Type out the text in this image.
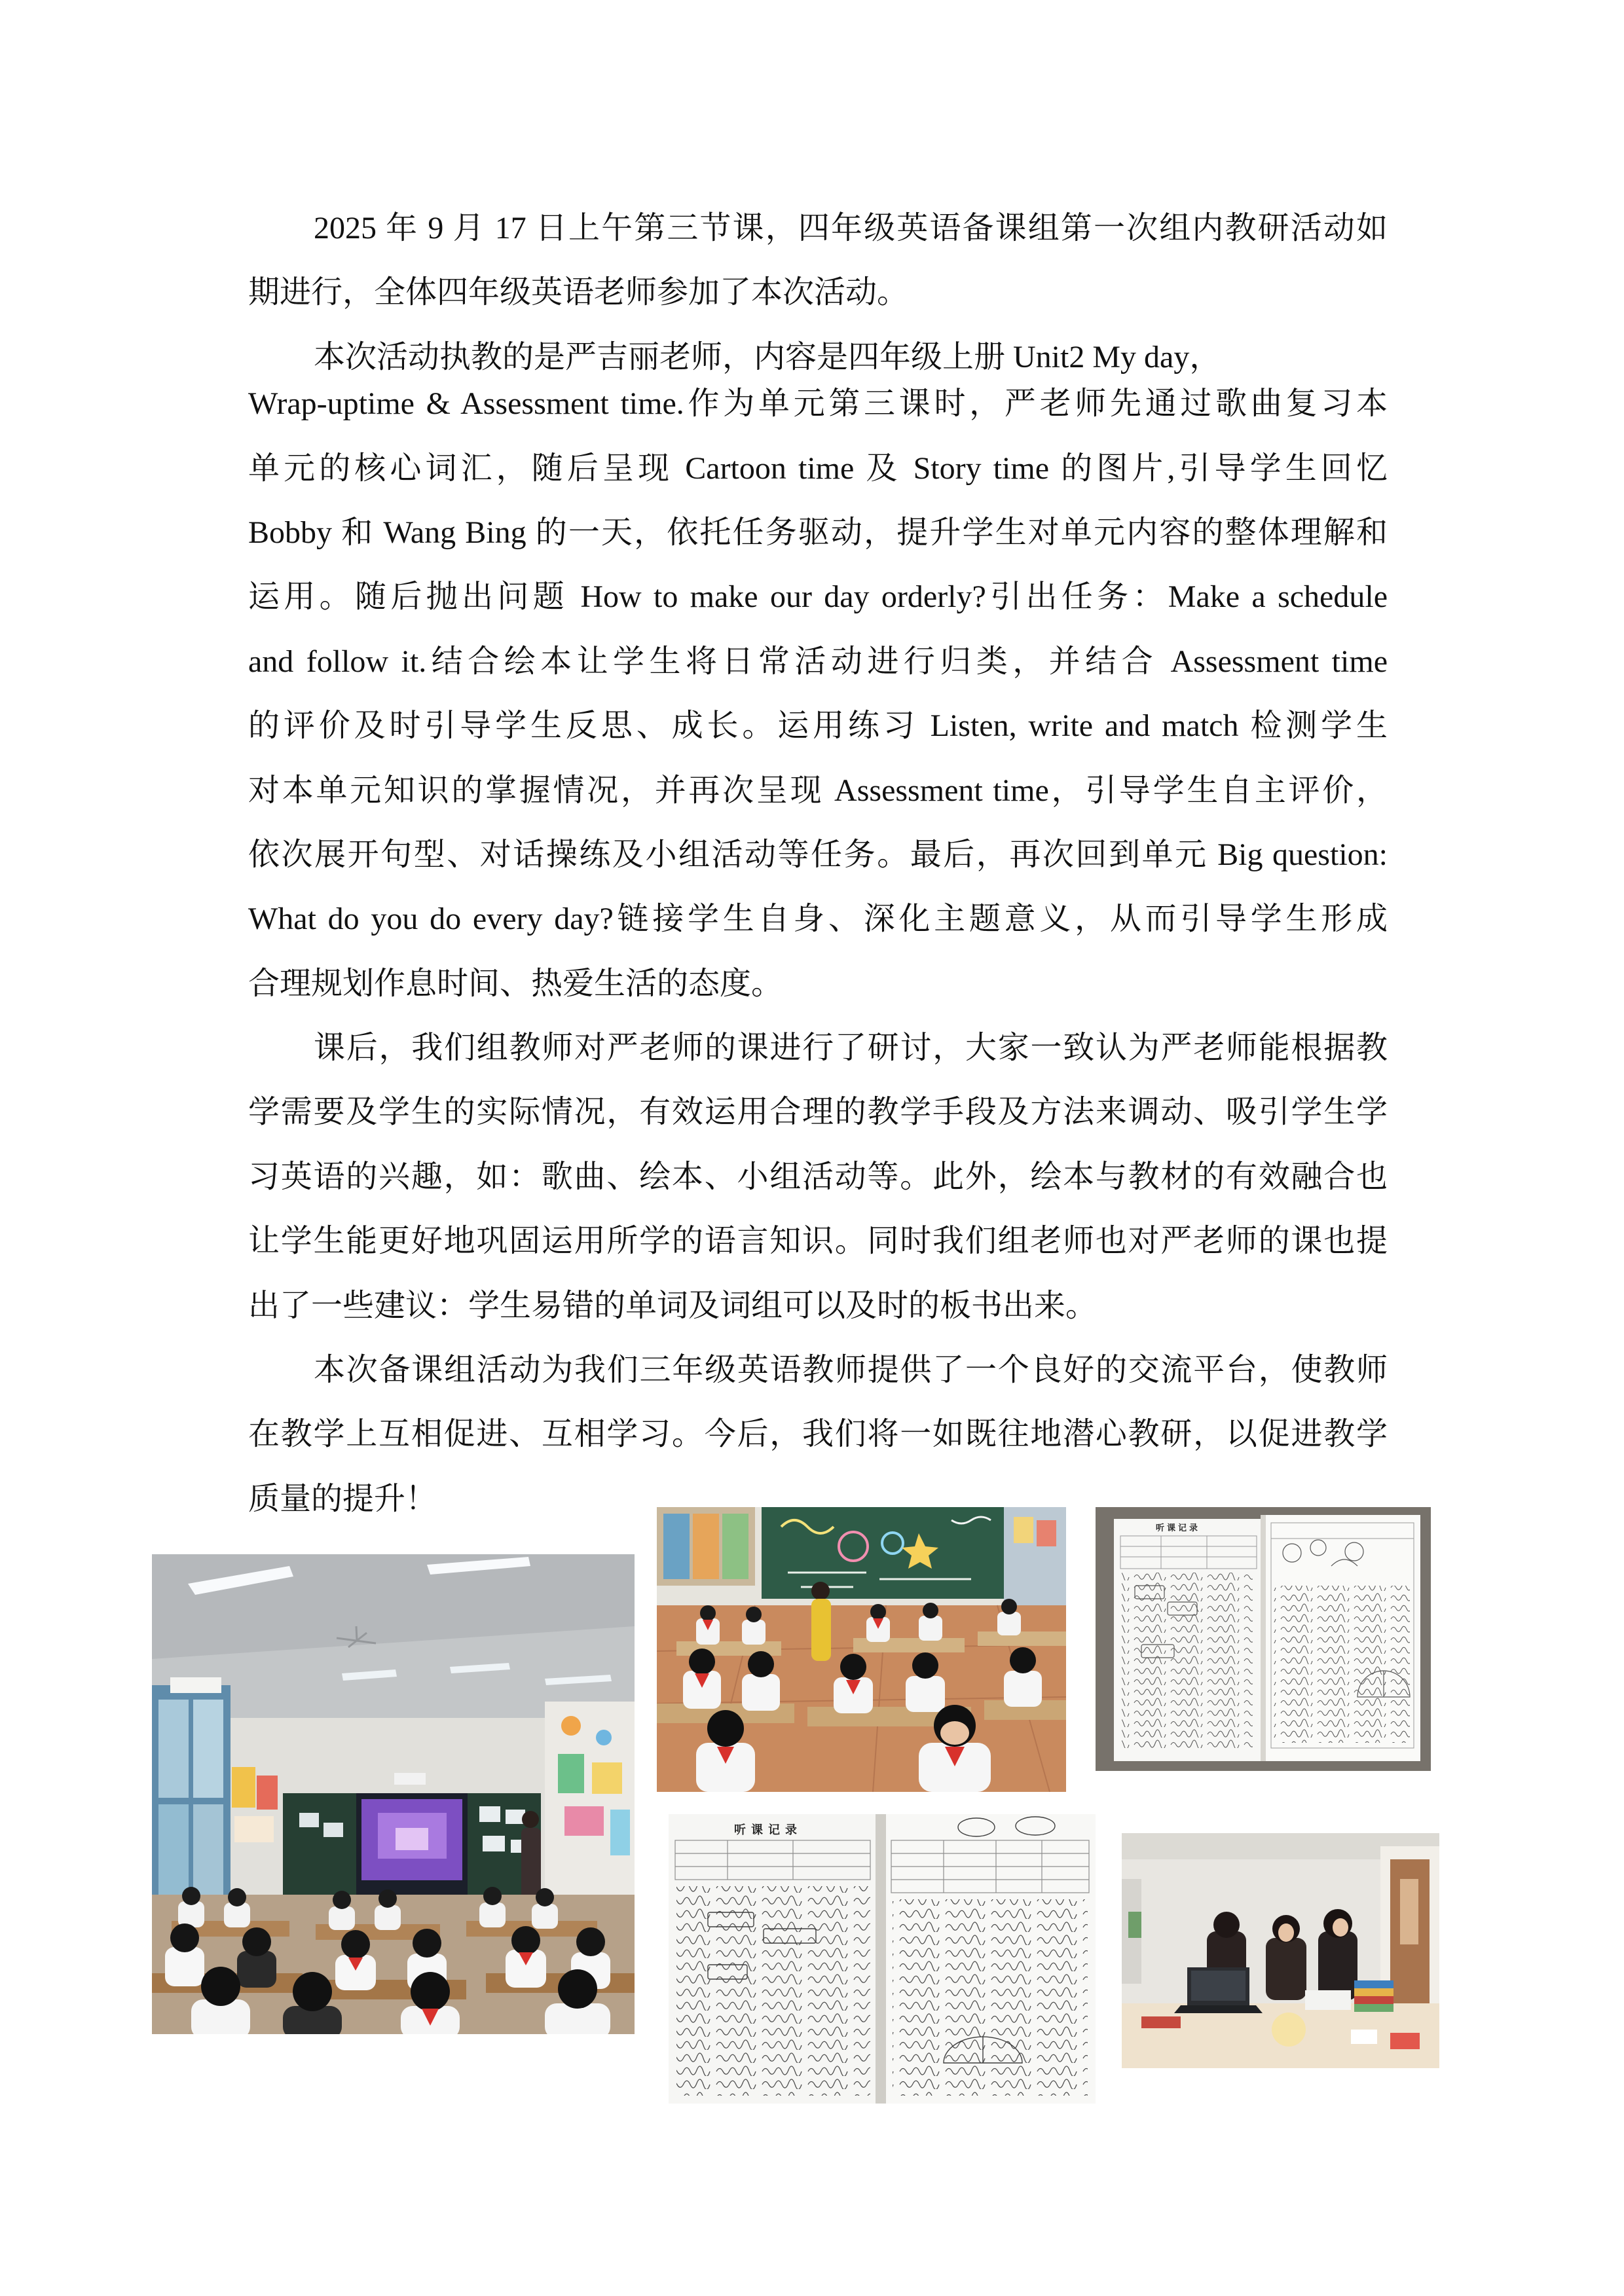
2025 年 9 月 17 日上午第三节课，四年级英语备课组第一次组内教研活动如
期进行，全体四年级英语老师参加了本次活动。
本次活动执教的是严吉丽老师，内容是四年级上册 Unit2 My day，
Wrap-uptime & Assessment time.作为单元第三课时，严老师先通过歌曲复习本
单元的核心词汇，随后呈现 Cartoon time 及 Story time 的图片,引导学生回忆
Bobby 和 Wang Bing 的一天，依托任务驱动，提升学生对单元内容的整体理解和
运用。随后抛出问题 How to make our day orderly?引出任务：Make a schedule
and follow it.结合绘本让学生将日常活动进行归类，并结合 Assessment time
的评价及时引导学生反思、成长。运用练习 Listen, write and match 检测学生
对本单元知识的掌握情况，并再次呈现 Assessment time，引导学生自主评价，
依次展开句型、对话操练及小组活动等任务。最后，再次回到单元 Big question:
What do you do every day?链接学生自身、深化主题意义，从而引导学生形成
合理规划作息时间、热爱生活的态度。
课后，我们组教师对严老师的课进行了研讨，大家一致认为严老师能根据教
学需要及学生的实际情况，有效运用合理的教学手段及方法来调动、吸引学生学
习英语的兴趣，如：歌曲、绘本、小组活动等。此外，绘本与教材的有效融合也
让学生能更好地巩固运用所学的语言知识。同时我们组老师也对严老师的课也提
出了一些建议：学生易错的单词及词组可以及时的板书出来。
本次备课组活动为我们三年级英语教师提供了一个良好的交流平台，使教师
在教学上互相促进、互相学习。今后，我们将一如既往地潜心教研，以促进教学
质量的提升！
听课记录
听课记录
